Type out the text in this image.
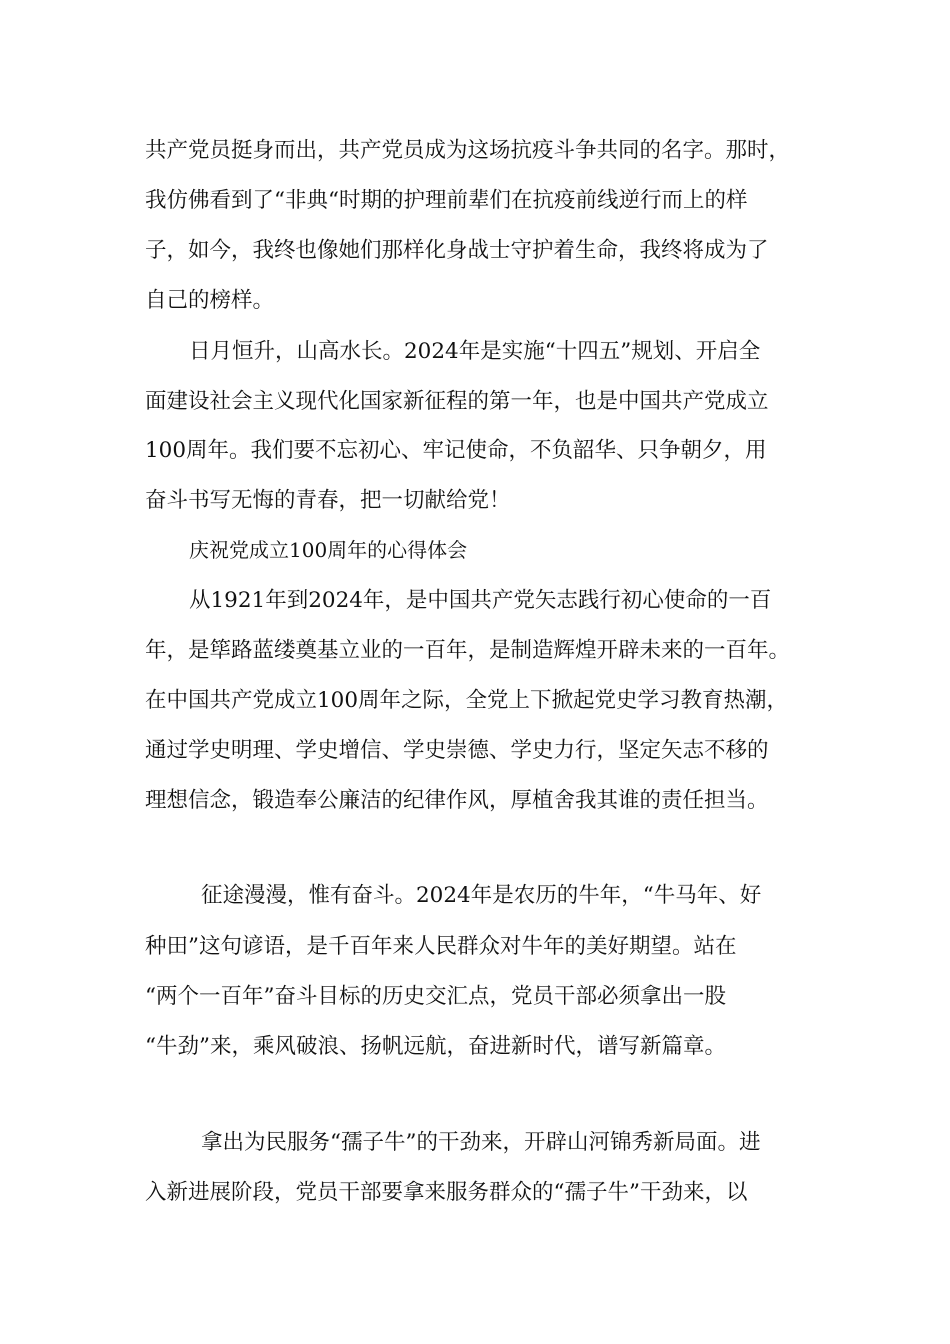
共产党员挺身而出，共产党员成为这场抗疫斗争共同的名字。那时，

我仿佛看到了“非典“时期的护理前辈们在抗疫前线逆行而上的样

子，如今，我终也像她们那样化身战士守护着生命，我终将成为了

自己的榜样。

日月恒升，山高水长。2024年是实施“十四五”规划、开启全

面建设社会主义现代化国家新征程的第一年，也是中国共产党成立

100周年。我们要不忘初心、牢记使命，不负韶华、只争朝夕，用

奋斗书写无悔的青春，把一切献给党！

庆祝党成立100周年的心得体会

从1921年到2024年，是中国共产党矢志践行初心使命的一百

年，是筚路蓝缕奠基立业的一百年，是制造辉煌开辟未来的一百年。

在中国共产党成立100周年之际，全党上下掀起党史学习教育热潮，

通过学史明理、学史增信、学史崇德、学史力行，坚定矢志不移的

理想信念，锻造奉公廉洁的纪律作风，厚植舍我其谁的责任担当。

征途漫漫，惟有奋斗。2024年是农历的牛年，“牛马年、好

种田”这句谚语，是千百年来人民群众对牛年的美好期望。站在

“两个一百年”奋斗目标的历史交汇点，党员干部必须拿出一股

“牛劲”来，乘风破浪、扬帆远航，奋进新时代，谱写新篇章。

拿出为民服务“孺子牛”的干劲来，开辟山河锦秀新局面。进

入新进展阶段，党员干部要拿来服务群众的“孺子牛”干劲来，以
